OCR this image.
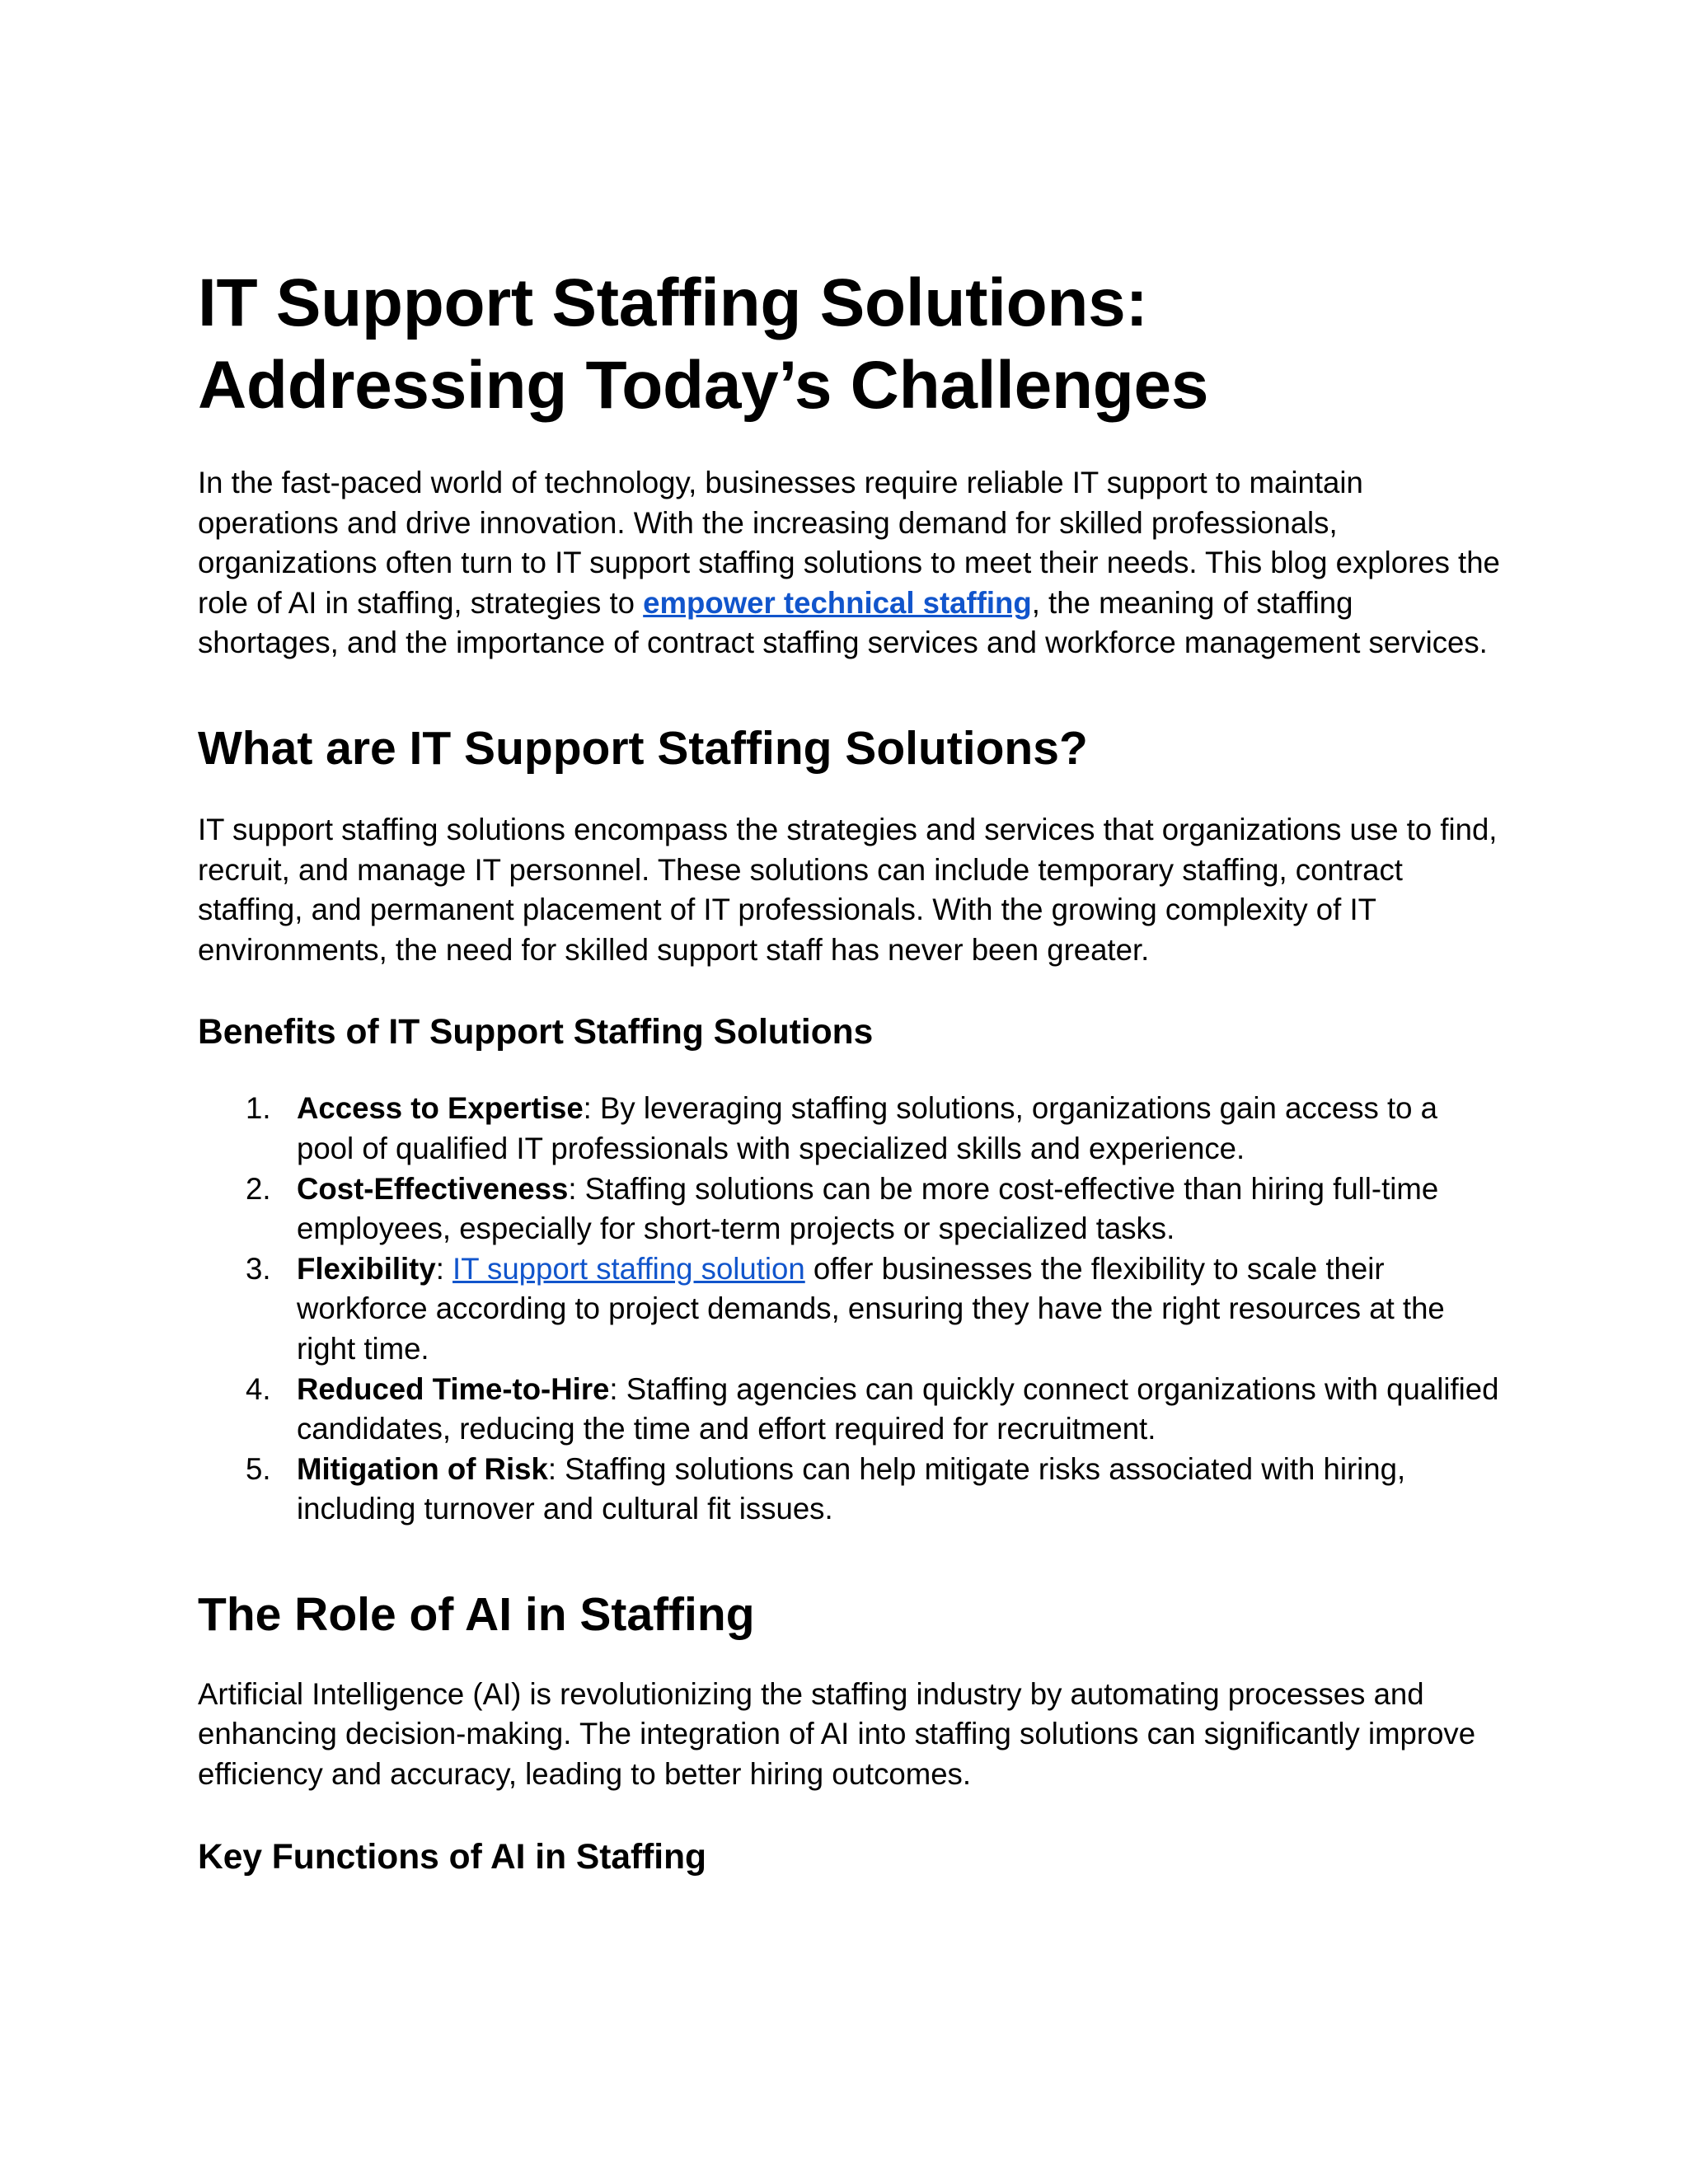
IT Support Staffing Solutions: Addressing Today’s Challenges

In the fast-paced world of technology, businesses require reliable IT support to maintain operations and drive innovation. With the increasing demand for skilled professionals, organizations often turn to IT support staffing solutions to meet their needs. This blog explores the role of AI in staffing, strategies to empower technical staffing, the meaning of staffing shortages, and the importance of contract staffing services and workforce management services.

What are IT Support Staffing Solutions?

IT support staffing solutions encompass the strategies and services that organizations use to find, recruit, and manage IT personnel. These solutions can include temporary staffing, contract staffing, and permanent placement of IT professionals. With the growing complexity of IT environments, the need for skilled support staff has never been greater.

Benefits of IT Support Staffing Solutions
1. Access to Expertise: By leveraging staffing solutions, organizations gain access to a pool of qualified IT professionals with specialized skills and experience.
2. Cost-Effectiveness: Staffing solutions can be more cost-effective than hiring full-time employees, especially for short-term projects or specialized tasks.
3. Flexibility: IT support staffing solution offer businesses the flexibility to scale their workforce according to project demands, ensuring they have the right resources at the right time.
4. Reduced Time-to-Hire: Staffing agencies can quickly connect organizations with qualified candidates, reducing the time and effort required for recruitment.
5. Mitigation of Risk: Staffing solutions can help mitigate risks associated with hiring, including turnover and cultural fit issues.
The Role of AI in Staffing

Artificial Intelligence (AI) is revolutionizing the staffing industry by automating processes and enhancing decision-making. The integration of AI into staffing solutions can significantly improve efficiency and accuracy, leading to better hiring outcomes.

Key Functions of AI in Staffing
